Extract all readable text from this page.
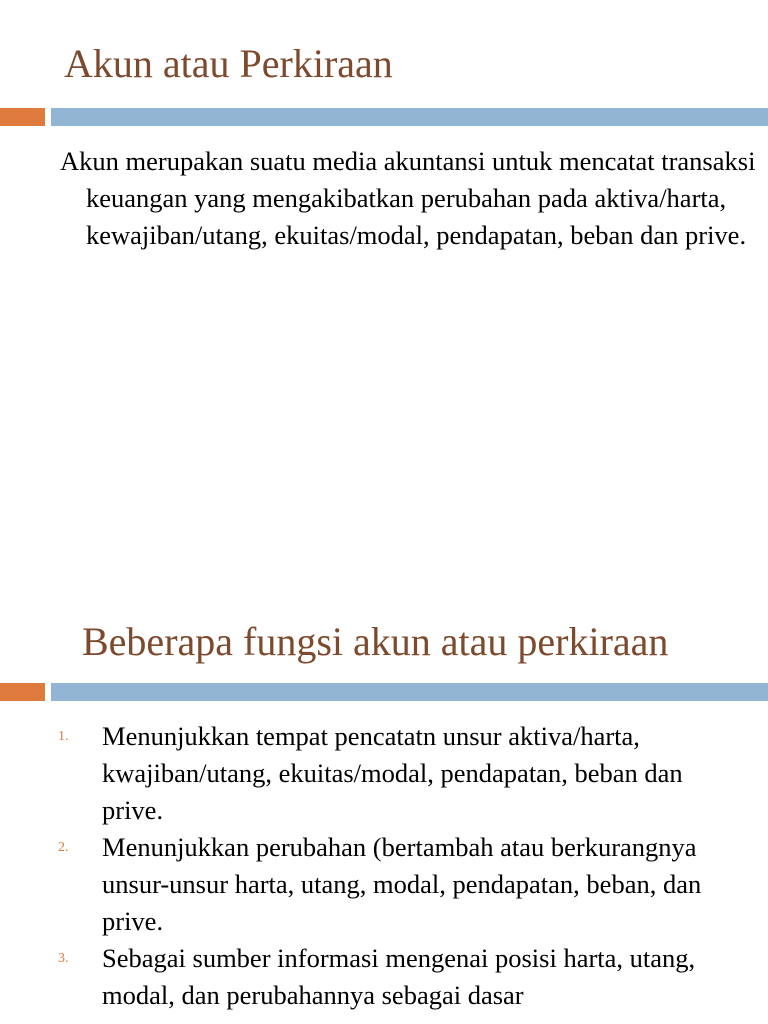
Akun atau Perkiraan

Akun merupakan suatu media akuntansi untuk mencatat transaksi keuangan yang mengakibatkan perubahan pada aktiva/harta, kewajiban/utang, ekuitas/modal, pendapatan, beban dan prive.

Beberapa fungsi akun atau perkiraan
1. Menunjukkan tempat pencatatn unsur aktiva/harta, kwajiban/utang, ekuitas/modal, pendapatan, beban dan prive.
2. Menunjukkan perubahan (bertambah atau berkurangnya unsur-unsur harta, utang, modal, pendapatan, beban, dan prive.
3. Sebagai sumber informasi mengenai posisi harta, utang, modal, dan perubahannya sebagai dasar
